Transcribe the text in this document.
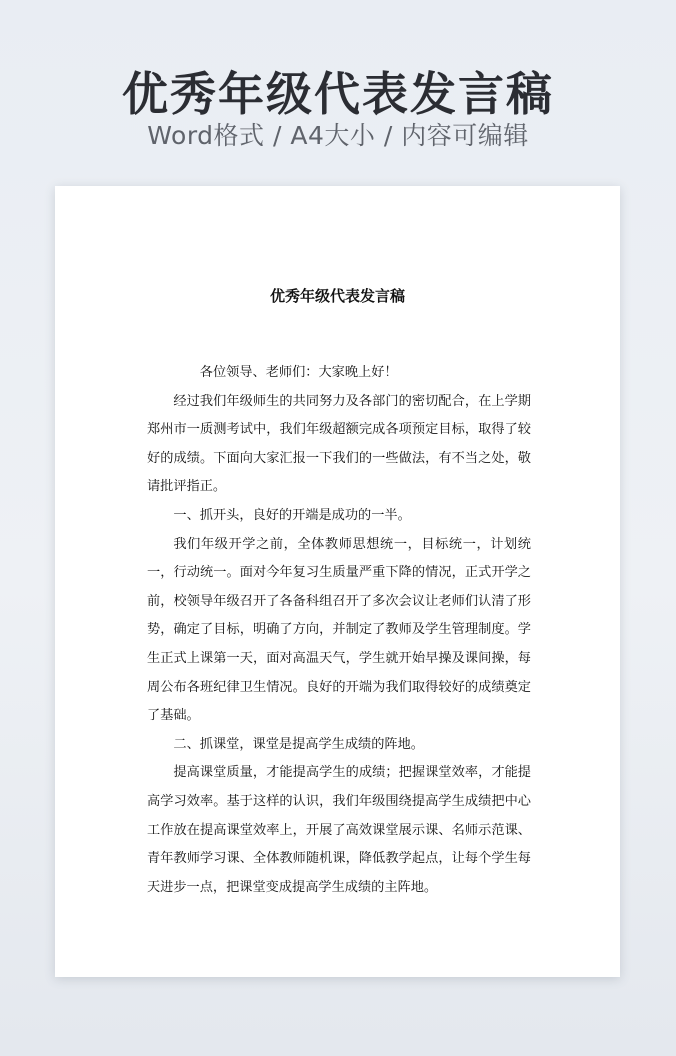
优秀年级代表发言稿
Word格式 / A4大小 / 内容可编辑
优秀年级代表发言稿

各位领导、老师们：大家晚上好！

经过我们年级师生的共同努力及各部门的密切配合，在上学期郑州市一质测考试中，我们年级超额完成各项预定目标，取得了较好的成绩。下面向大家汇报一下我们的一些做法，有不当之处，敬请批评指正。

一、抓开头，良好的开端是成功的一半。

我们年级开学之前，全体教师思想统一，目标统一，计划统一，行动统一。面对今年复习生质量严重下降的情况，正式开学之前，校领导年级召开了各备科组召开了多次会议让老师们认清了形势，确定了目标，明确了方向，并制定了教师及学生管理制度。学生正式上课第一天，面对高温天气，学生就开始早操及课间操，每周公布各班纪律卫生情况。良好的开端为我们取得较好的成绩奠定了基础。

二、抓课堂，课堂是提高学生成绩的阵地。

提高课堂质量，才能提高学生的成绩；把握课堂效率，才能提高学习效率。基于这样的认识，我们年级围绕提高学生成绩把中心工作放在提高课堂效率上，开展了高效课堂展示课、名师示范课、青年教师学习课、全体教师随机课，降低教学起点，让每个学生每天进步一点，把课堂变成提高学生成绩的主阵地。
